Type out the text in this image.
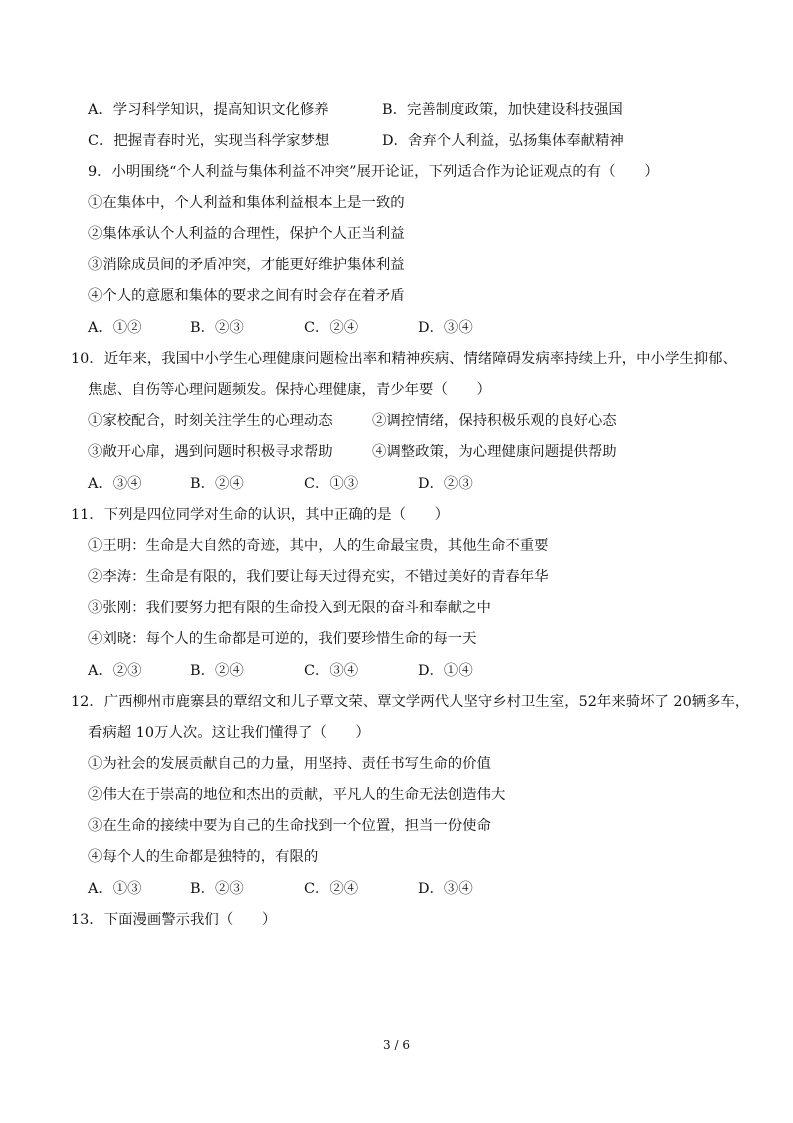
A．学习科学知识，提高知识文化修养	B．完善制度政策，加快建设科技强国
C．把握青春时光，实现当科学家梦想	D．舍弃个人利益，弘扬集体奉献精神
9．小明围绕“个人利益与集体利益不冲突”展开论证，下列适合作为论证观点的有（　　）
①在集体中，个人利益和集体利益根本上是一致的
②集体承认个人利益的合理性，保护个人正当利益
③消除成员间的矛盾冲突，才能更好维护集体利益
④个人的意愿和集体的要求之间有时会存在着矛盾
A．①②	B．②③	C．②④	D．③④
10．近年来，我国中小学生心理健康问题检出率和精神疾病、情绪障碍发病率持续上升，中小学生抑郁、
焦虑、自伤等心理问题频发。保持心理健康，青少年要（　　）
①家校配合，时刻关注学生的心理动态	②调控情绪，保持积极乐观的良好心态
③敞开心扉，遇到问题时积极寻求帮助	④调整政策，为心理健康问题提供帮助
A．③④	B．②④	C．①③	D．②③
11．下列是四位同学对生命的认识，其中正确的是（　　）
①王明：生命是大自然的奇迹，其中，人的生命最宝贵，其他生命不重要
②李涛：生命是有限的，我们要让每天过得充实，不错过美好的青春年华
③张刚：我们要努力把有限的生命投入到无限的奋斗和奉献之中
④刘晓：每个人的生命都是可逆的，我们要珍惜生命的每一天
A．②③	B．②④	C．③④	D．①④
12．广西柳州市鹿寨县的覃绍文和儿子覃文荣、覃文学两代人坚守乡村卫生室，52年来骑坏了 20辆多车，
看病超 10万人次。这让我们懂得了（　　）
①为社会的发展贡献自己的力量，用坚持、责任书写生命的价值
②伟大在于崇高的地位和杰出的贡献，平凡人的生命无法创造伟大
③在生命的接续中要为自己的生命找到一个位置，担当一份使命
④每个人的生命都是独特的，有限的
A．①③	B．②③	C．②④	D．③④
13．下面漫画警示我们（　　）
3 / 6
